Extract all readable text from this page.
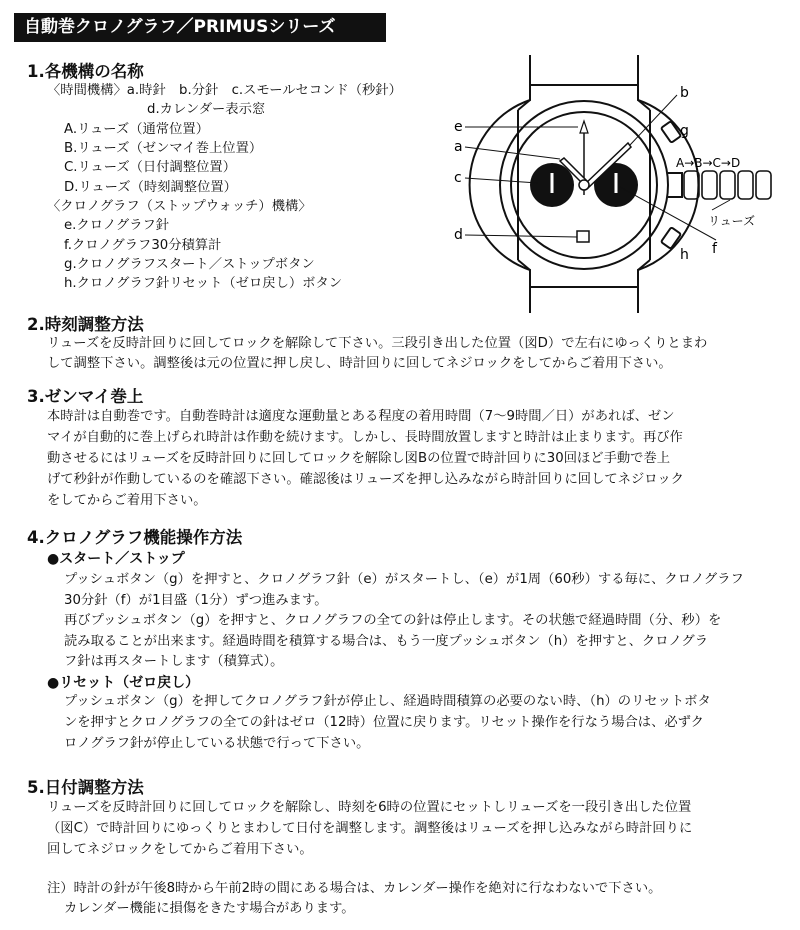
自動巻クロノグラフ／PRIMUSシリーズ
1.各機構の名称
〈時間機構〉a.時針　b.分針　c.スモールセコンド（秒針）
d.カレンダー表示窓
A.リューズ（通常位置）
B.リューズ（ゼンマイ巻上位置）
C.リューズ（日付調整位置）
D.リューズ（時刻調整位置）
〈クロノグラフ（ストップウォッチ）機構〉
e.クロノグラフ針
f.クロノグラフ30分積算計
g.クロノグラフスタート／ストップボタン
h.クロノグラフ針リセット（ゼロ戻し）ボタン
e
a
c
d
b
g
A→B→C→D
リューズ
f
h
2.時刻調整方法
リューズを反時計回りに回してロックを解除して下さい。三段引き出した位置（図D）で左右にゆっくりとまわ
して調整下さい。調整後は元の位置に押し戻し、時計回りに回してネジロックをしてからご着用下さい。
3.ゼンマイ巻上
本時計は自動巻です。自動巻時計は適度な運動量とある程度の着用時間（7〜9時間／日）があれば、ゼン
マイが自動的に巻上げられ時計は作動を続けます。しかし、長時間放置しますと時計は止まります。再び作
動させるにはリューズを反時計回りに回してロックを解除し図Bの位置で時計回りに30回ほど手動で巻上
げて秒針が作動しているのを確認下さい。確認後はリューズを押し込みながら時計回りに回してネジロック
をしてからご着用下さい。
4.クロノグラフ機能操作方法
●スタート／ストップ
プッシュボタン（g）を押すと、クロノグラフ針（e）がスタートし、（e）が1周（60秒）する毎に、クロノグラフ
30分針（f）が1目盛（1分）ずつ進みます。
再びプッシュボタン（g）を押すと、クロノグラフの全ての針は停止します。その状態で経過時間（分、秒）を
読み取ることが出来ます。経過時間を積算する場合は、もう一度プッシュボタン（h）を押すと、クロノグラ
フ針は再スタートします（積算式）。
●リセット（ゼロ戻し）
プッシュボタン（g）を押してクロノグラフ針が停止し、経過時間積算の必要のない時、（h）のリセットボタ
ンを押すとクロノグラフの全ての針はゼロ（12時）位置に戻ります。リセット操作を行なう場合は、必ずク
ロノグラフ針が停止している状態で行って下さい。
5.日付調整方法
リューズを反時計回りに回してロックを解除し、時刻を6時の位置にセットしリューズを一段引き出した位置
（図C）で時計回りにゆっくりとまわして日付を調整します。調整後はリューズを押し込みながら時計回りに
回してネジロックをしてからご着用下さい。
注）時計の針が午後8時から午前2時の間にある場合は、カレンダー操作を絶対に行なわないで下さい。
カレンダー機能に損傷をきたす場合があります。
